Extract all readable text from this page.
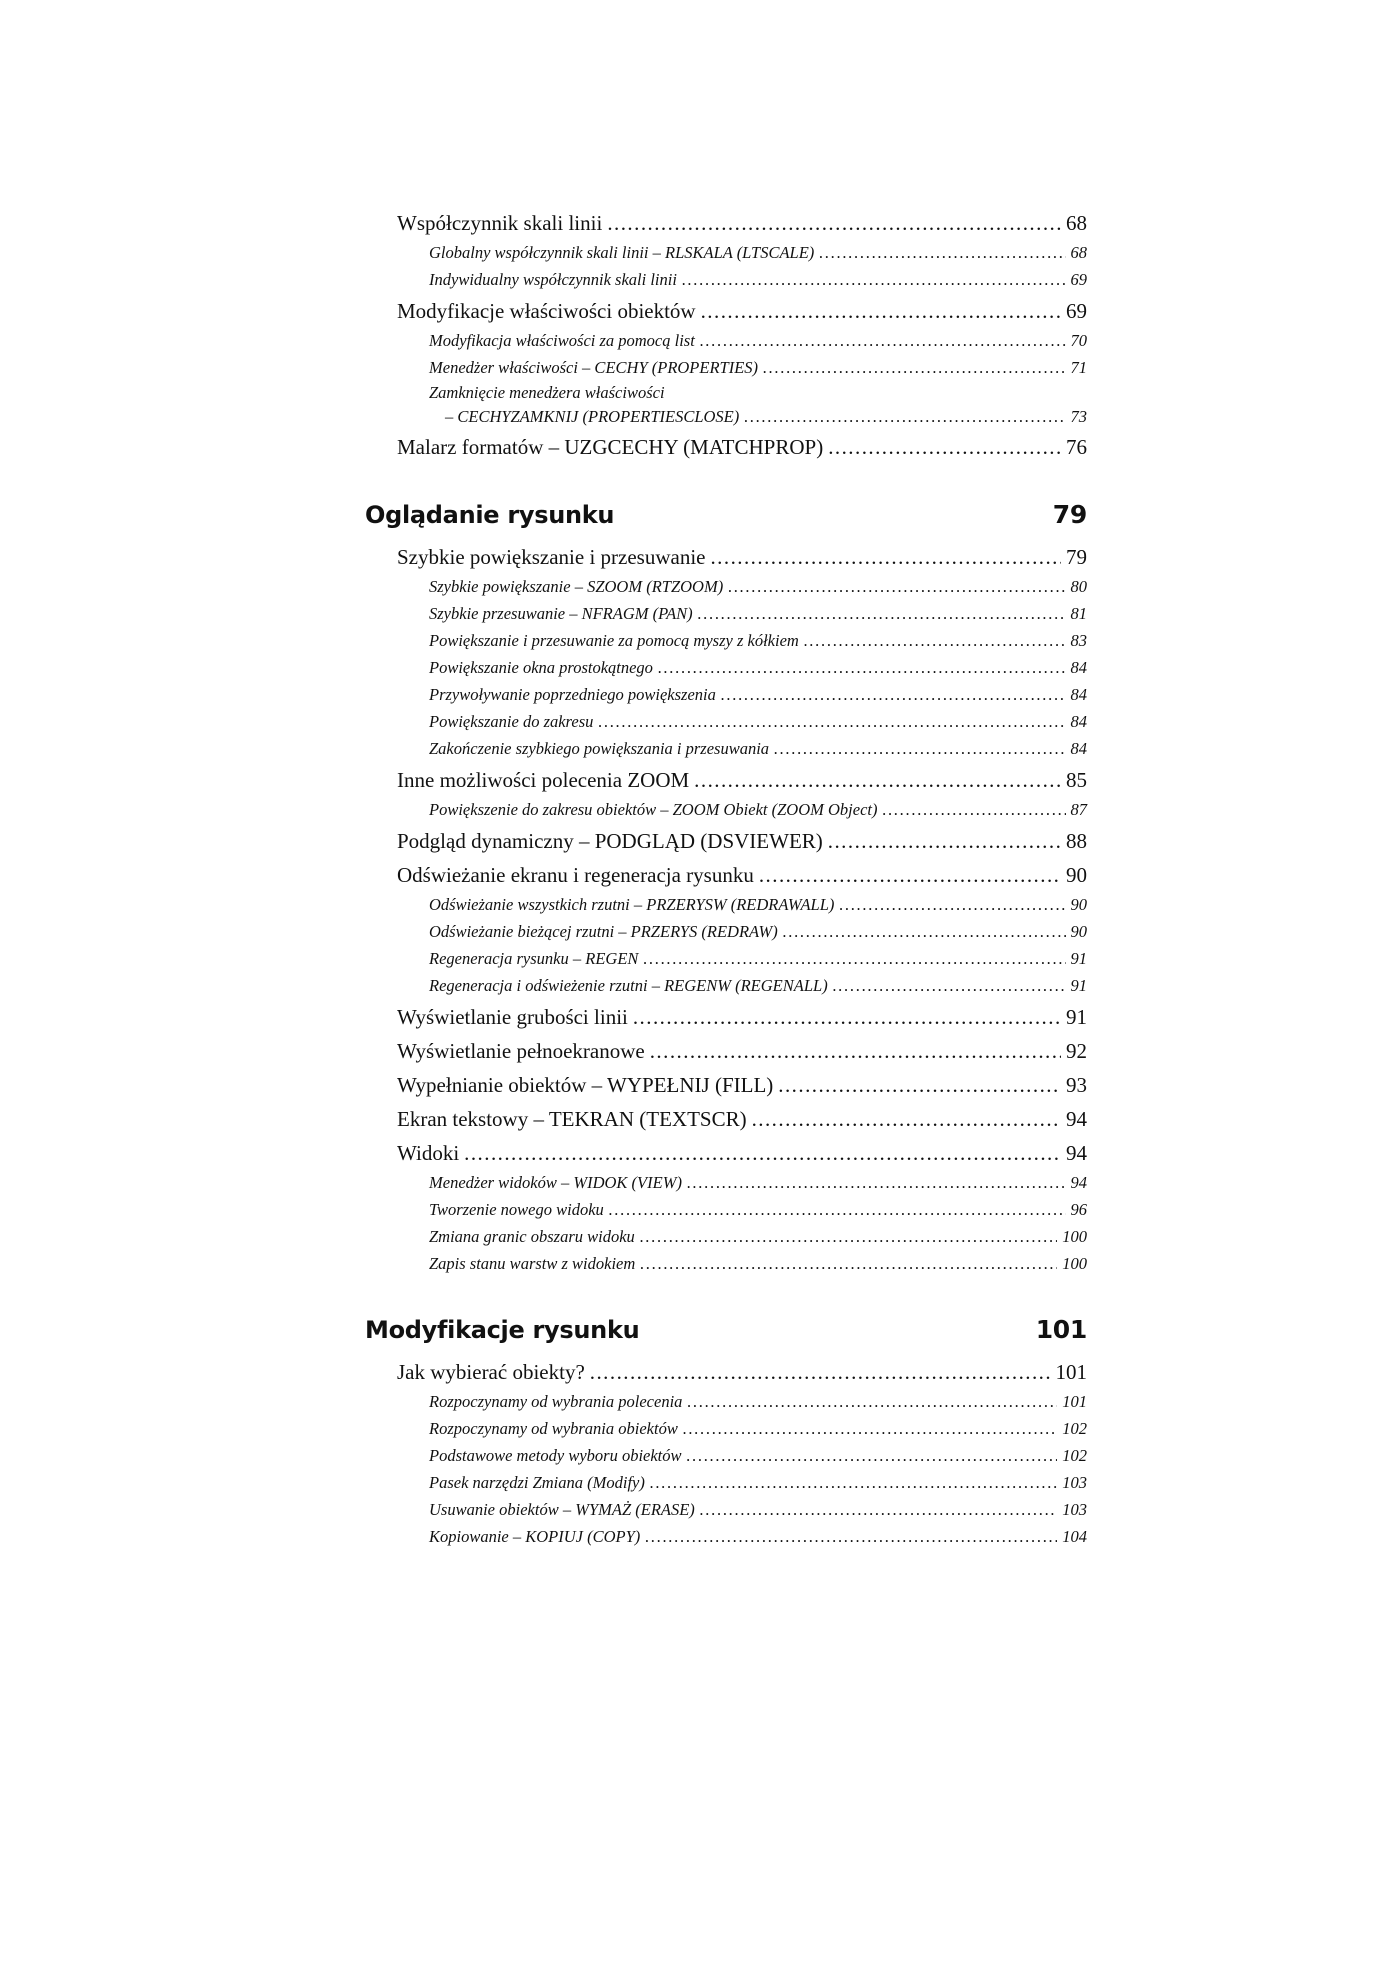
Współczynnik skali linii . . .	68
Globalny współczynnik skali linii – RLSKALA (LTSCALE) . . .	68
Indywidualny współczynnik skali linii . . .	69
Modyfikacje właściwości obiektów . . .	69
Modyfikacja właściwości za pomocą list . . .	70
Menedżer właściwości – CECHY (PROPERTIES) . . .	71
Zamknięcie menedżera właściwości
– CECHYZAMKNIJ (PROPERTIESCLOSE) . . .	73
Malarz formatów – UZGCECHY (MATCHPROP) . . .	76
Oglądanie rysunku	79
Szybkie powiększanie i przesuwanie . . .	79
Szybkie powiększanie – SZOOM (RTZOOM) . . .	80
Szybkie przesuwanie – NFRAGM (PAN) . . .	81
Powiększanie i przesuwanie za pomocą myszy z kółkiem . . .	83
Powiększanie okna prostokątnego . . .	84
Przywoływanie poprzedniego powiększenia . . .	84
Powiększanie do zakresu . . .	84
Zakończenie szybkiego powiększania i przesuwania . . .	84
Inne możliwości polecenia ZOOM . . .	85
Powiększenie do zakresu obiektów – ZOOM Obiekt (ZOOM Object) . . .	87
Podgląd dynamiczny – PODGLĄD (DSVIEWER) . . .	88
Odświeżanie ekranu i regeneracja rysunku . . .	90
Odświeżanie wszystkich rzutni – PRZERYSW (REDRAWALL) . . .	90
Odświeżanie bieżącej rzutni – PRZERYS (REDRAW) . . .	90
Regeneracja rysunku – REGEN . . .	91
Regeneracja i odświeżenie rzutni – REGENW (REGENALL) . . .	91
Wyświetlanie grubości linii . . .	91
Wyświetlanie pełnoekranowe . . .	92
Wypełnianie obiektów – WYPEŁNIJ (FILL) . . .	93
Ekran tekstowy – TEKRAN (TEXTSCR) . . .	94
Widoki . . .	94
Menedżer widoków – WIDOK (VIEW) . . .	94
Tworzenie nowego widoku . . .	96
Zmiana granic obszaru widoku . . .	100
Zapis stanu warstw z widokiem . . .	100
Modyfikacje rysunku	101
Jak wybierać obiekty? . . .	101
Rozpoczynamy od wybrania polecenia . . .	101
Rozpoczynamy od wybrania obiektów . . .	102
Podstawowe metody wyboru obiektów . . .	102
Pasek narzędzi Zmiana (Modify) . . .	103
Usuwanie obiektów – WYMAŻ (ERASE) . . .	103
Kopiowanie – KOPIUJ (COPY) . . .	104
